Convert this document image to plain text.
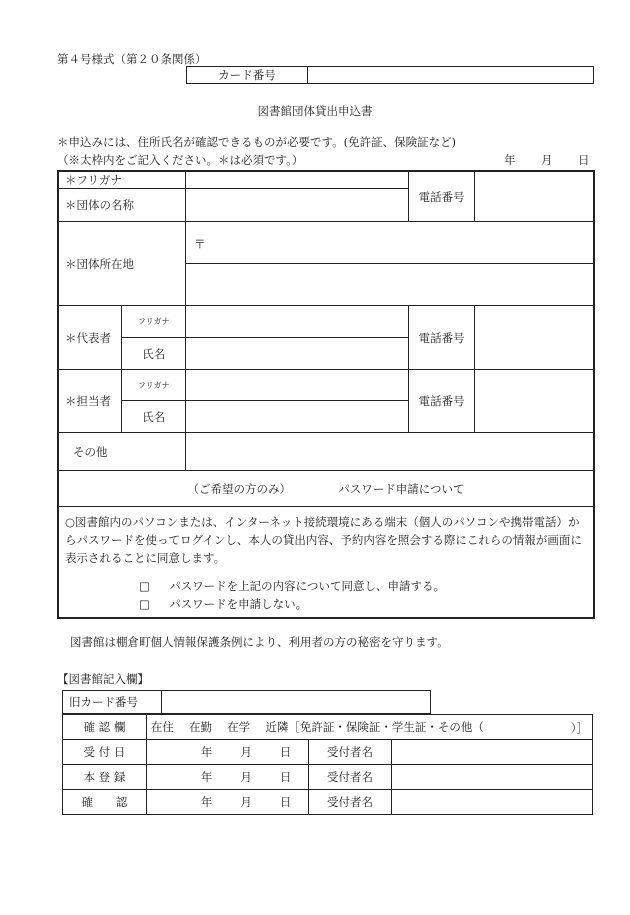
第４号様式（第２０条関係）
カード番号	
図書館団体貸出申込書
＊申込みには、住所氏名が確認できるものが必要です。(免許証、保険証など)
（※太枠内をご記入ください。＊は必須です。）	年 月 日
＊フリガナ			電話番号	
＊団体の名称				
＊団体所在地		〒		

＊代表者	フリガナ		電話番号	
	氏名			
＊担当者	フリガナ		電話番号	
	氏名			
その他				
（ご希望の方のみ） パスワード申請について				

○図書館内のパソコンまたは、インターネット接続環境にある端末（個人のパソコンや携帯電話）からパスワードを使ってログインし、本人の貸出内容、予約内容を照会する際にこれらの情報が画面に表示されることに同意します。
□ パスワードを上記の内容について同意し、申請する。
□ パスワードを申請しない。				
図書館は棚倉町個人情報保護条例により、利用者の方の秘密を守ります。
【図書館記入欄】
旧カード番号	
確 認 欄	在住　 在勤　 在学　 近隣［免許証・保険証・学生証・その他（ ）］		

受 付 日	年 月 日	受付者名	
本 登 録	年 月 日	受付者名	
確　　認	年 月 日	受付者名	
